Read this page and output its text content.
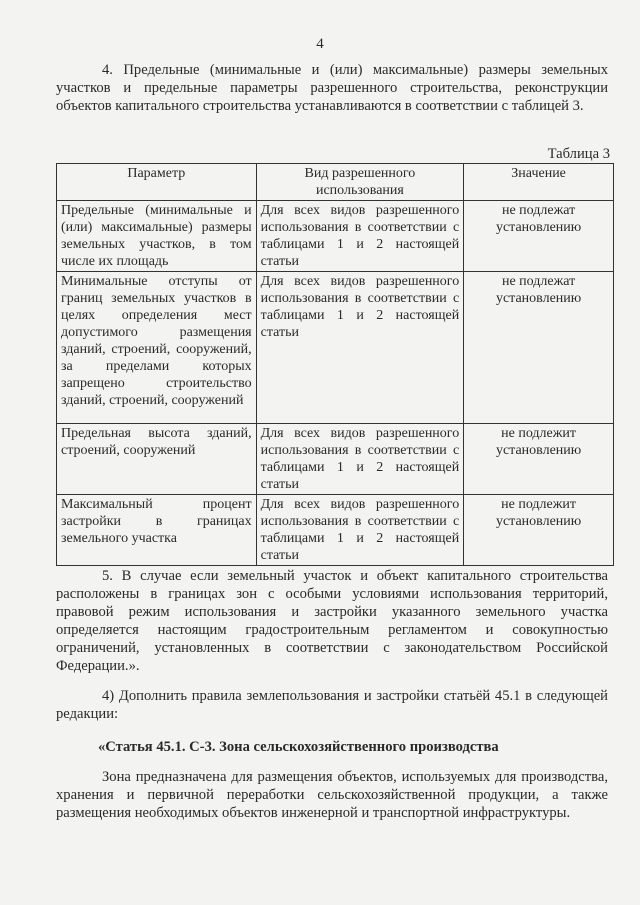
4
4. Предельные (минимальные и (или) максимальные) размеры земельных участков и предельные параметры разрешенного строительства, реконструкции объектов капитального строительства устанавливаются в соответствии с таблицей 3.
Таблица 3
Параметр	Вид разрешенного использования	Значение
Предельные (минимальные и (или) максимальные) размеры земельных участков, в том числе их площадь	Для всех видов разрешенного использования в соответствии с таблицами 1 и 2 настоящей статьи	не подлежат установлению
Минимальные отступы от границ земельных участков в целях определения мест допустимого размещения зданий, строений, сооружений, за пределами которых запрещено строительство зданий, строений, сооружений	Для всех видов разрешенного использования в соответствии с таблицами 1 и 2 настоящей статьи	не подлежат установлению
Предельная высота зданий, строений, сооружений	Для всех видов разрешенного использования в соответствии с таблицами 1 и 2 настоящей статьи	не подлежит установлению
Максимальный процент застройки в границах земельного участка	Для всех видов разрешенного использования в соответствии с таблицами 1 и 2 настоящей статьи	не подлежит установлению
5. В случае если земельный участок и объект капитального строительства расположены в границах зон с особыми условиями использования территорий, правовой режим использования и застройки указанного земельного участка определяется настоящим градостроительным регламентом и совокупностью ограничений, установленных в соответствии с законодательством Российской Федерации.».
4) Дополнить правила землепользования и застройки статьёй 45.1 в следующей редакции:
«Статья 45.1. С-3. Зона сельскохозяйственного производства
Зона предназначена для размещения объектов, используемых для производства, хранения и первичной переработки сельскохозяйственной продукции, а также размещения необходимых объектов инженерной и транспортной инфраструктуры.
